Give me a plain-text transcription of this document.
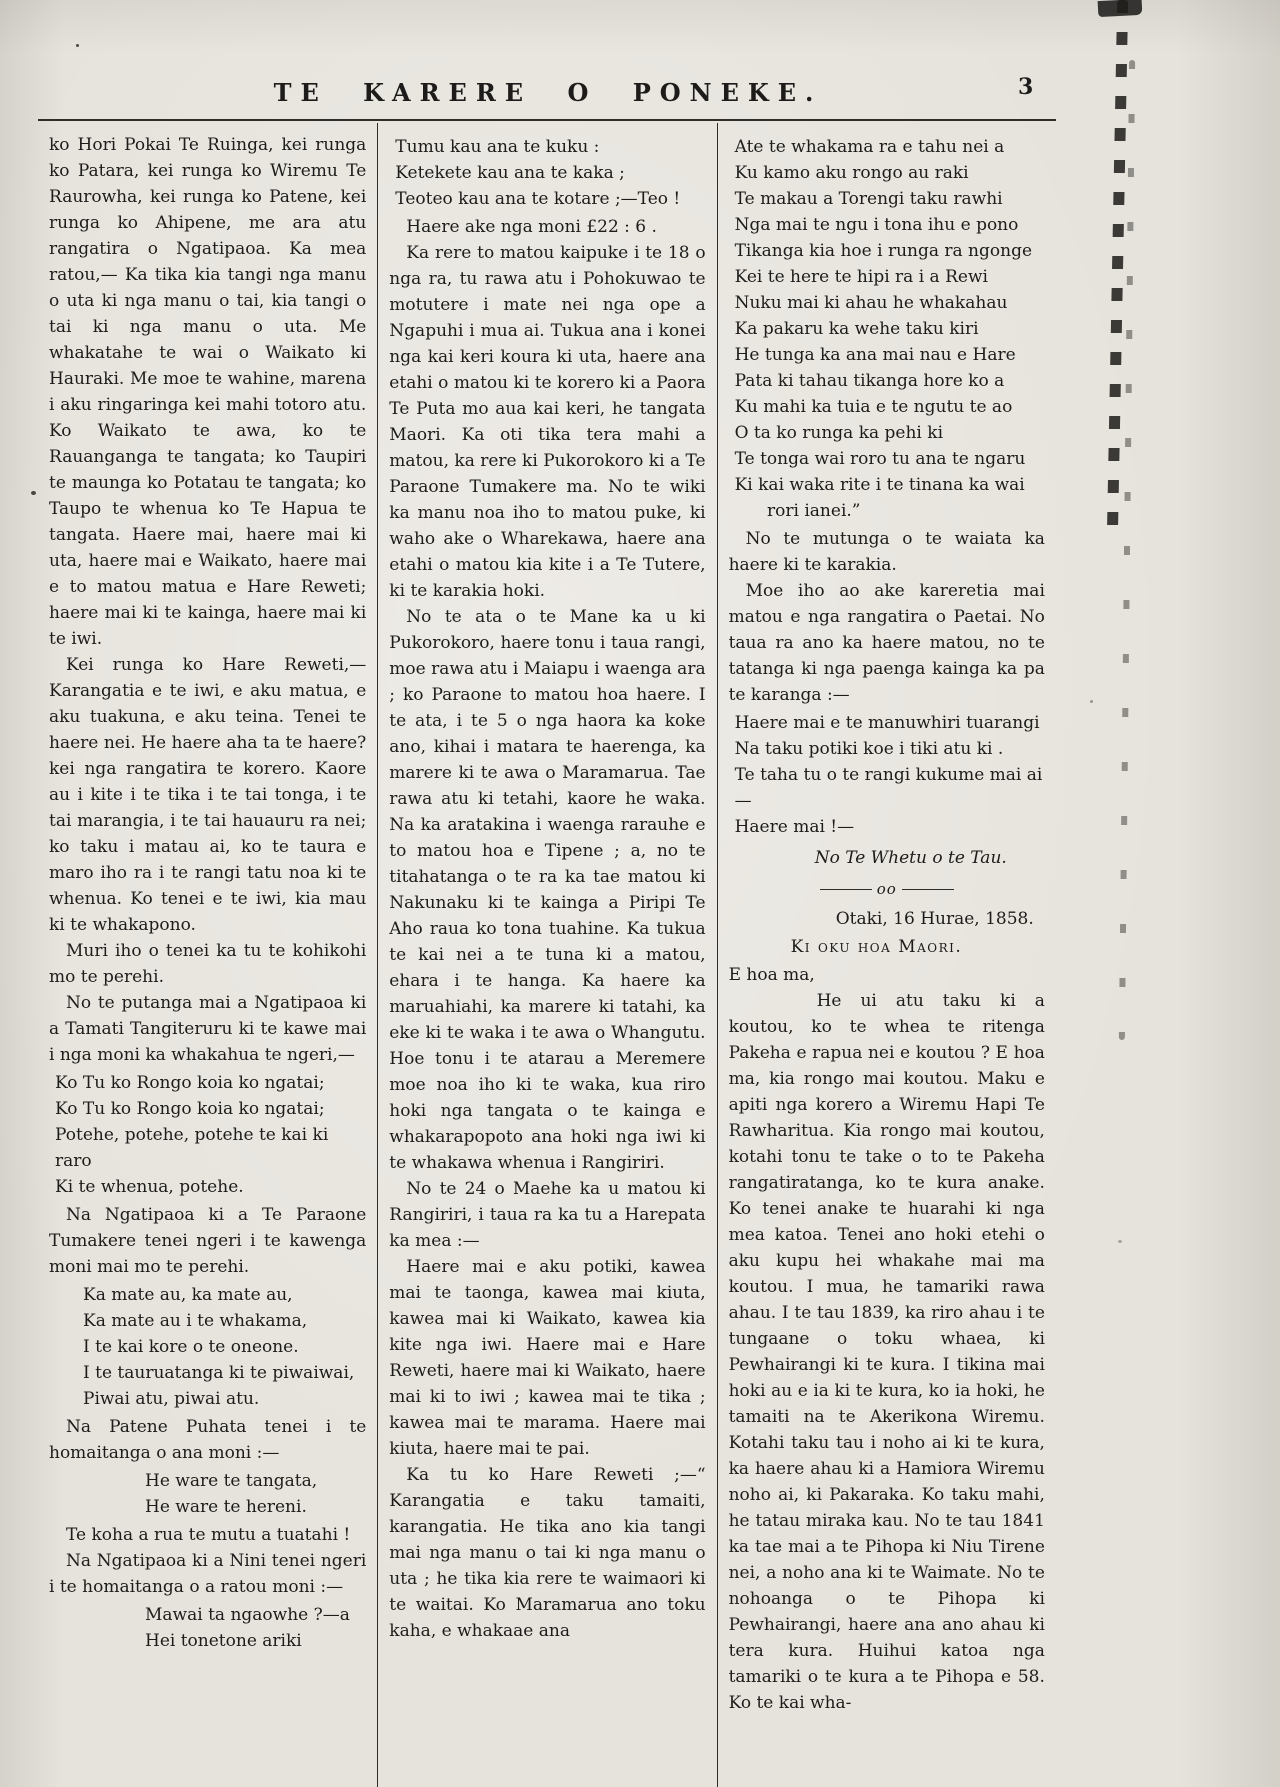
TE KARERE O PONEKE.	3

ko Hori Pokai Te Ruinga, kei runga ko Patara, kei runga ko Wiremu Te Raurowha, kei runga ko Patene, kei runga ko Ahipene, me ara atu rangatira o Ngatipaoa. Ka mea ratou,— Ka tika kia tangi nga manu o uta ki nga manu o tai, kia tangi o tai ki nga manu o uta. Me whakatahe te wai o Waikato ki Hauraki. Me moe te wahine, marena i aku ringaringa kei mahi totoro atu. Ko Waikato te awa, ko te Rauanganga te tangata; ko Taupiri te maunga ko Potatau te tangata; ko Taupo te whenua ko Te Hapua te tangata. Haere mai, haere mai ki uta, haere mai e Waikato, haere mai e to matou matua e Hare Reweti; haere mai ki te kainga, haere mai ki te iwi.

Kei runga ko Hare Reweti,—Karangatia e te iwi, e aku matua, e aku tuakuna, e aku teina. Tenei te haere nei. He haere aha ta te haere? kei nga rangatira te korero. Kaore au i kite i te tika i te tai tonga, i te tai marangia, i te tai hauauru ra nei; ko taku i matau ai, ko te taura e maro iho ra i te rangi tatu noa ki te whenua. Ko tenei e te iwi, kia mau ki te whakapono.

Muri iho o tenei ka tu te kohikohi mo te perehi.

No te putanga mai a Ngatipaoa ki a Tamati Tangiteruru ki te kawe mai i nga moni ka whakahua te ngeri,—

Ko Tu ko Rongo koia ko ngatai;
Ko Tu ko Rongo koia ko ngatai;
Potehe, potehe, potehe te kai ki raro
Ki te whenua, potehe.

Na Ngatipaoa ki a Te Paraone Tumakere tenei ngeri i te kawenga moni mai mo te perehi.

Ka mate au, ka mate au,
Ka mate au i te whakama,
I te kai kore o te oneone.
I te tauruatanga ki te piwaiwai,
Piwai atu, piwai atu.

Na Patene Puhata tenei i te homaitanga o ana moni :—

He ware te tangata,
He ware te hereni.

Te koha a rua te mutu a tuatahi !

Na Ngatipaoa ki a Nini tenei ngeri i te homaitanga o a ratou moni :—

Mawai ta ngaowhe ?—a
Hei tonetone ariki
Tumu kau ana te kuku :
Ketekete kau ana te kaka ;
Teoteo kau ana te kotare ;—Teo !

Haere ake nga moni £22 : 6 .

Ka rere to matou kaipuke i te 18 o nga ra, tu rawa atu i Pohokuwao te motutere i mate nei nga ope a Ngapuhi i mua ai. Tukua ana i konei nga kai keri koura ki uta, haere ana etahi o matou ki te korero ki a Paora Te Puta mo aua kai keri, he tangata Maori. Ka oti tika tera mahi a matou, ka rere ki Pukorokoro ki a Te Paraone Tumakere ma. No te wiki ka manu noa iho to matou puke, ki waho ake o Wharekawa, haere ana etahi o matou kia kite i a Te Tutere, ki te karakia hoki.

No te ata o te Mane ka u ki Pukorokoro, haere tonu i taua rangi, moe rawa atu i Maiapu i waenga ara ; ko Paraone to matou hoa haere. I te ata, i te 5 o nga haora ka koke ano, kihai i matara te haerenga, ka marere ki te awa o Maramarua. Tae rawa atu ki tetahi, kaore he waka. Na ka aratakina i waenga rarauhe e to matou hoa e Tipene ; a, no te titahatanga o te ra ka tae matou ki Nakunaku ki te kainga a Piripi Te Aho raua ko tona tuahine. Ka tukua te kai nei a te tuna ki a matou, ehara i te hanga. Ka haere ka maruahiahi, ka marere ki tatahi, ka eke ki te waka i te awa o Whangutu. Hoe tonu i te atarau a Meremere moe noa iho ki te waka, kua riro hoki nga tangata o te kainga e whakarapopoto ana hoki nga iwi ki te whakawa whenua i Rangiriri.

No te 24 o Maehe ka u matou ki Rangiriri, i taua ra ka tu a Harepata ka mea :—

Haere mai e aku potiki, kawea mai te taonga, kawea mai kiuta, kawea mai ki Waikato, kawea kia kite nga iwi. Haere mai e Hare Reweti, haere mai ki Waikato, haere mai ki to iwi ; kawea mai te tika ; kawea mai te marama. Haere mai kiuta, haere mai te pai.

Ka tu ko Hare Reweti ;—“ Karangatia e taku tamaiti, karangatia. He tika ano kia tangi mai nga manu o tai ki nga manu o uta ; he tika kia rere te waimaori ki te waitai. Ko Maramarua ano toku kaha, e whakaae ana

Ate te whakama ra e tahu nei a
Ku kamo aku rongo au raki
Te makau a Torengi taku rawhi
Nga mai te ngu i tona ihu e pono
Tikanga kia hoe i runga ra ngonge
Kei te here te hipi ra i a Rewi
Nuku mai ki ahau he whakahau
Ka pakaru ka wehe taku kiri
He tunga ka ana mai nau e Hare
Pata ki tahau tikanga hore ko a
Ku mahi ka tuia e te ngutu te ao
O ta ko runga ka pehi ki
Te tonga wai roro tu ana te ngaru
Ki kai waka rite i te tinana ka wai
rori ianei.”

No te mutunga o te waiata ka haere ki te karakia.

Moe iho ao ake kareretia mai matou e nga rangatira o Paetai. No taua ra ano ka haere matou, no te tatanga ki nga paenga kainga ka pa te karanga :—

Haere mai e te manuwhiri tuarangi
Na taku potiki koe i tiki atu ki .
Te taha tu o te rangi kukume mai ai—
Haere mai !—

No Te Whetu o te Tau.

oo

Otaki, 16 Hurae, 1858.

Ki oku hoa Maori.

E hoa ma,

He ui atu taku ki a koutou, ko te whea te ritenga Pakeha e rapua nei e koutou ? E hoa ma, kia rongo mai koutou. Maku e apiti nga korero a Wiremu Hapi Te Rawharitua. Kia rongo mai koutou, kotahi tonu te take o to te Pakeha rangatiratanga, ko te kura anake. Ko tenei anake te huarahi ki nga mea katoa. Tenei ano hoki etehi o aku kupu hei whakahe mai ma koutou. I mua, he tamariki rawa ahau. I te tau 1839, ka riro ahau i te tungaane o toku whaea, ki Pewhairangi ki te kura. I tikina mai hoki au e ia ki te kura, ko ia hoki, he tamaiti na te Akerikona Wiremu. Kotahi taku tau i noho ai ki te kura, ka haere ahau ki a Hamiora Wiremu noho ai, ki Pakaraka. Ko taku mahi, he tatau miraka kau. No te tau 1841 ka tae mai a te Pihopa ki Niu Tirene nei, a noho ana ki te Waimate. No te nohoanga o te Pihopa ki Pewhairangi, haere ana ano ahau ki tera kura. Huihui katoa nga tamariki o te kura a te Pihopa e 58. Ko te kai wha-
